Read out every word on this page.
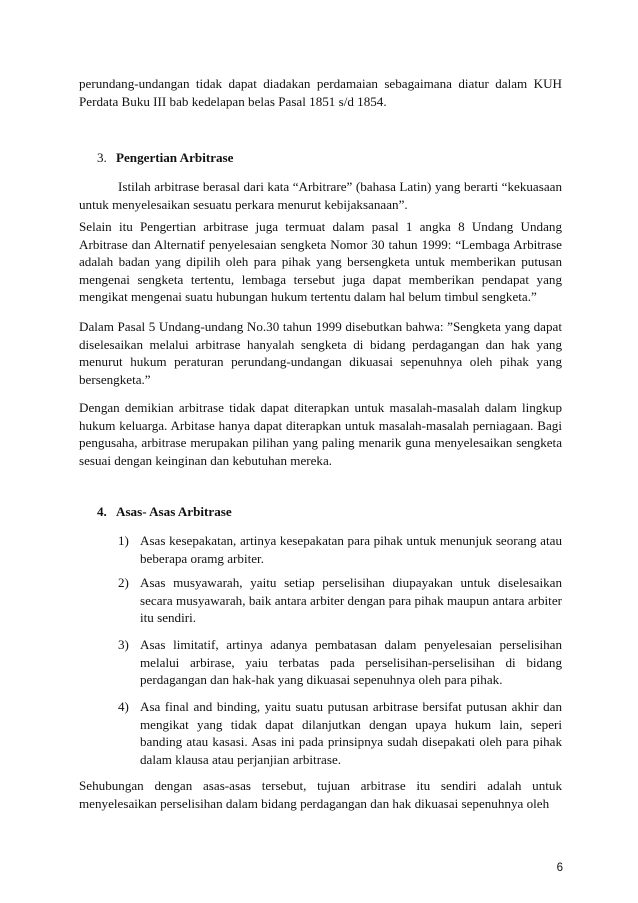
perundang-undangan tidak dapat diadakan perdamaian sebagaimana diatur dalam KUH Perdata Buku III bab kedelapan belas Pasal 1851 s/d 1854.

3. Pengertian Arbitrase

Istilah arbitrase berasal dari kata “Arbitrare” (bahasa Latin) yang berarti “kekuasaan untuk menyelesaikan sesuatu perkara menurut kebijaksanaan”.

Selain itu Pengertian arbitrase juga termuat dalam pasal 1 angka 8 Undang Undang Arbitrase dan Alternatif penyelesaian sengketa Nomor 30 tahun 1999: “Lembaga Arbitrase adalah badan yang dipilih oleh para pihak yang bersengketa untuk memberikan putusan mengenai sengketa tertentu, lembaga tersebut juga dapat memberikan pendapat yang mengikat mengenai suatu hubungan hukum tertentu dalam hal belum timbul sengketa.”

Dalam Pasal 5 Undang-undang No.30 tahun 1999 disebutkan bahwa: ”Sengketa yang dapat diselesaikan melalui arbitrase hanyalah sengketa di bidang perdagangan dan hak yang menurut hukum peraturan perundang-undangan dikuasai sepenuhnya oleh pihak yang bersengketa.”

Dengan demikian arbitrase tidak dapat diterapkan untuk masalah-masalah dalam lingkup hukum keluarga. Arbitase hanya dapat diterapkan untuk masalah-masalah perniagaan. Bagi pengusaha, arbitrase merupakan pilihan yang paling menarik guna menyelesaikan sengketa sesuai dengan keinginan dan kebutuhan mereka.

4. Asas- Asas Arbitrase
1) Asas kesepakatan, artinya kesepakatan para pihak untuk menunjuk seorang atau beberapa oramg arbiter.
2) Asas musyawarah, yaitu setiap perselisihan diupayakan untuk diselesaikan secara musyawarah, baik antara arbiter dengan para pihak maupun antara arbiter itu sendiri.
3) Asas limitatif, artinya adanya pembatasan dalam penyelesaian perselisihan melalui arbirase, yaiu terbatas pada perselisihan-perselisihan di bidang perdagangan dan hak-hak yang dikuasai sepenuhnya oleh para pihak.
4) Asa final and binding, yaitu suatu putusan arbitrase bersifat putusan akhir dan mengikat yang tidak dapat dilanjutkan dengan upaya hukum lain, seperi banding atau kasasi. Asas ini pada prinsipnya sudah disepakati oleh para pihak dalam klausa atau perjanjian arbitrase.

Sehubungan dengan asas-asas tersebut, tujuan arbitrase itu sendiri adalah untuk menyelesaikan perselisihan dalam bidang perdagangan dan hak dikuasai sepenuhnya oleh

6
